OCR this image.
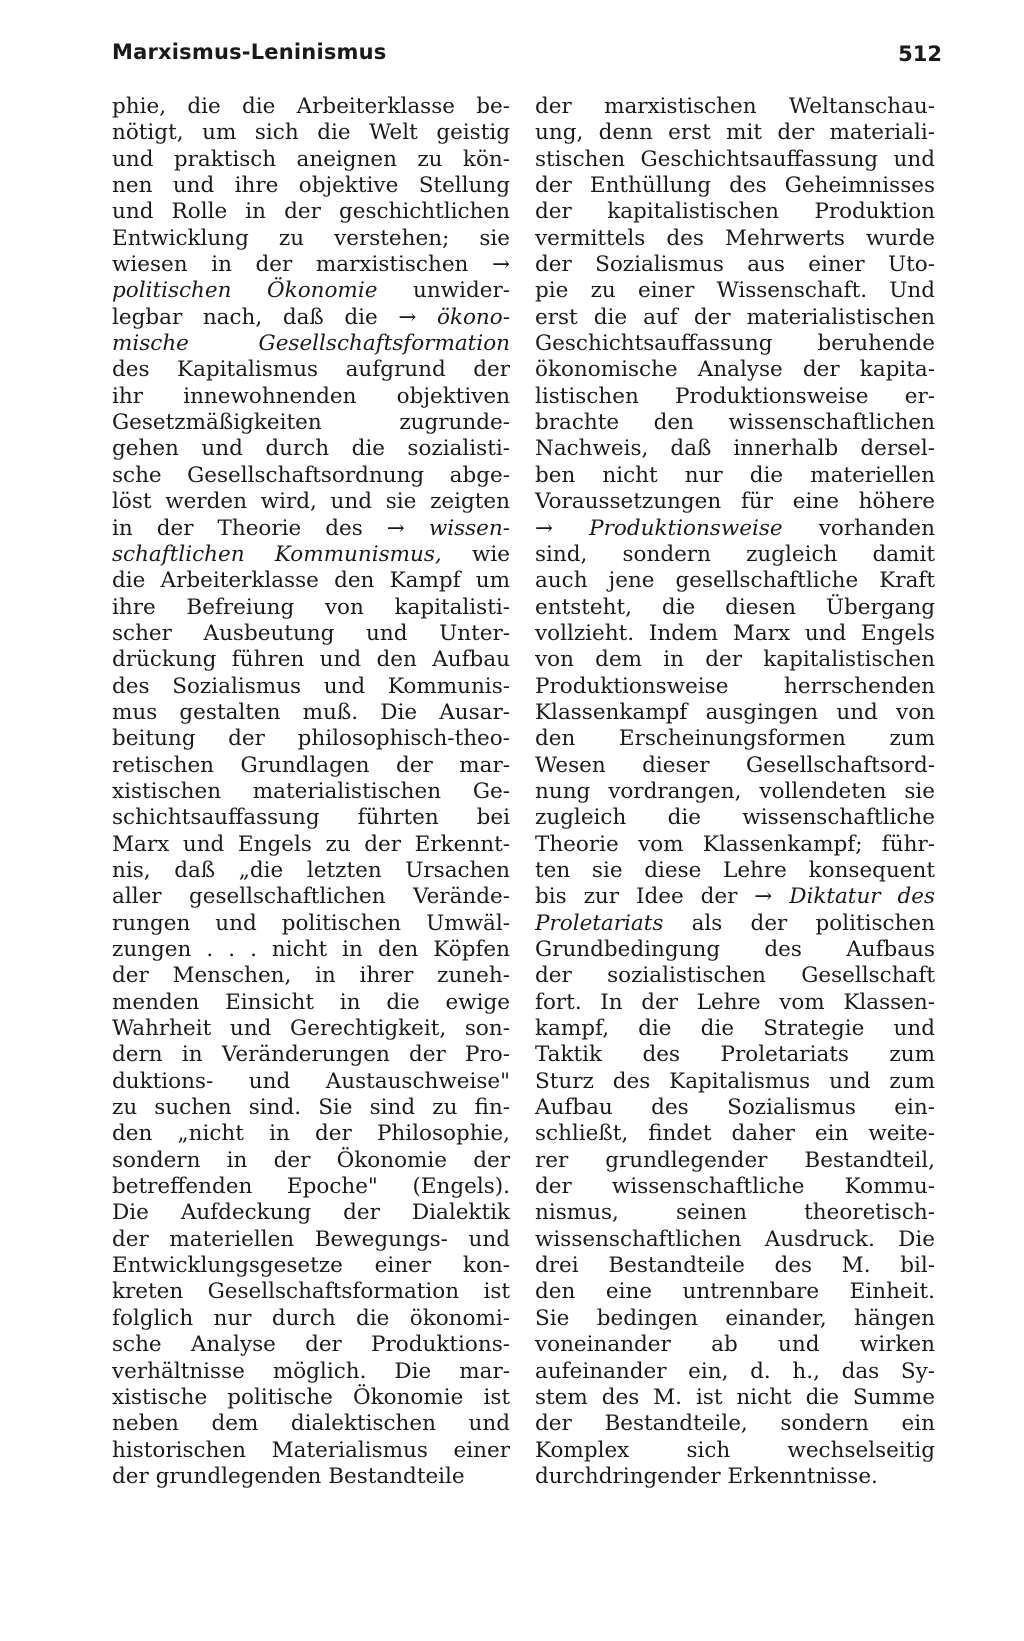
Marxismus-Leninismus	512
phie, die die Arbeiterklasse be-
nötigt, um sich die Welt geistig
und praktisch aneignen zu kön-
nen und ihre objektive Stellung
und Rolle in der geschichtlichen
Entwicklung zu verstehen; sie
wiesen in der marxistischen →
politischen Ökonomie unwider-
legbar nach, daß die → ökono-
mische Gesellschaftsformation
des Kapitalismus aufgrund der
ihr innewohnenden objektiven
Gesetzmäßigkeiten zugrunde-
gehen und durch die sozialisti-
sche Gesellschaftsordnung abge-
löst werden wird, und sie zeigten
in der Theorie des → wissen-
schaftlichen Kommunismus, wie
die Arbeiterklasse den Kampf um
ihre Befreiung von kapitalisti-
scher Ausbeutung und Unter-
drückung führen und den Aufbau
des Sozialismus und Kommunis-
mus gestalten muß. Die Ausar-
beitung der philosophisch-theo-
retischen Grundlagen der mar-
xistischen materialistischen Ge-
schichtsauffassung führten bei
Marx und Engels zu der Erkennt-
nis, daß „die letzten Ursachen
aller gesellschaftlichen Verände-
rungen und politischen Umwäl-
zungen . . . nicht in den Köpfen
der Menschen, in ihrer zuneh-
menden Einsicht in die ewige
Wahrheit und Gerechtigkeit, son-
dern in Veränderungen der Pro-
duktions- und Austauschweise"
zu suchen sind. Sie sind zu fin-
den „nicht in der Philosophie,
sondern in der Ökonomie der
betreffenden Epoche" (Engels).
Die Aufdeckung der Dialektik
der materiellen Bewegungs- und
Entwicklungsgesetze einer kon-
kreten Gesellschaftsformation ist
folglich nur durch die ökonomi-
sche Analyse der Produktions-
verhältnisse möglich. Die mar-
xistische politische Ökonomie ist
neben dem dialektischen und
historischen Materialismus einer
der grundlegenden Bestandteile
der marxistischen Weltanschau-
ung, denn erst mit der materiali-
stischen Geschichtsauffassung und
der Enthüllung des Geheimnisses
der kapitalistischen Produktion
vermittels des Mehrwerts wurde
der Sozialismus aus einer Uto-
pie zu einer Wissenschaft. Und
erst die auf der materialistischen
Geschichtsauffassung beruhende
ökonomische Analyse der kapita-
listischen Produktionsweise er-
brachte den wissenschaftlichen
Nachweis, daß innerhalb dersel-
ben nicht nur die materiellen
Voraussetzungen für eine höhere
→ Produktionsweise vorhanden
sind, sondern zugleich damit
auch jene gesellschaftliche Kraft
entsteht, die diesen Übergang
vollzieht. Indem Marx und Engels
von dem in der kapitalistischen
Produktionsweise herrschenden
Klassenkampf ausgingen und von
den Erscheinungsformen zum
Wesen dieser Gesellschaftsord-
nung vordrangen, vollendeten sie
zugleich die wissenschaftliche
Theorie vom Klassenkampf; führ-
ten sie diese Lehre konsequent
bis zur Idee der → Diktatur des
Proletariats als der politischen
Grundbedingung des Aufbaus
der sozialistischen Gesellschaft
fort. In der Lehre vom Klassen-
kampf, die die Strategie und
Taktik des Proletariats zum
Sturz des Kapitalismus und zum
Aufbau des Sozialismus ein-
schließt, findet daher ein weite-
rer grundlegender Bestandteil,
der wissenschaftliche Kommu-
nismus, seinen theoretisch-
wissenschaftlichen Ausdruck. Die
drei Bestandteile des M. bil-
den eine untrennbare Einheit.
Sie bedingen einander, hängen
voneinander ab und wirken
aufeinander ein, d. h., das Sy-
stem des M. ist nicht die Summe
der Bestandteile, sondern ein
Komplex sich wechselseitig
durchdringender Erkenntnisse.
